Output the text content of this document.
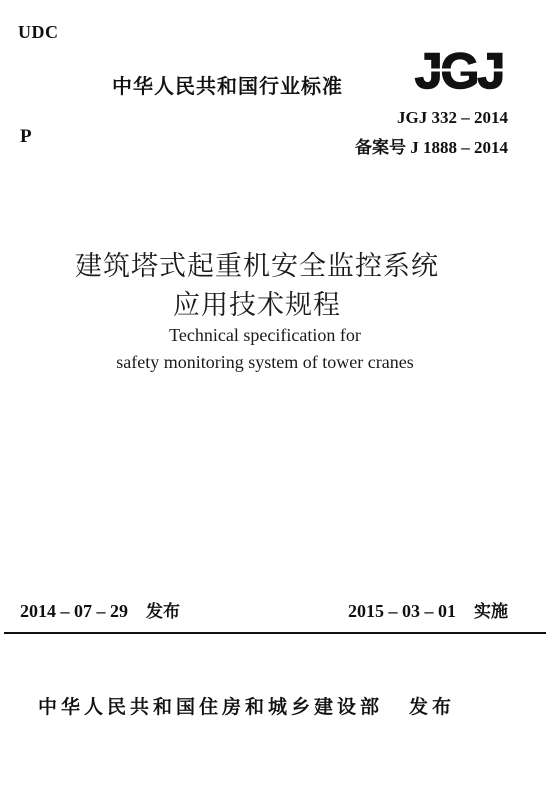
UDC
P
中华人民共和国行业标准 JGJ
JGJ 332 – 2014
备案号 J 1888 – 2014
建筑塔式起重机安全监控系统
应用技术规程
Technical specification for
safety monitoring system of tower cranes
2014 – 07 – 29 发布	2015 – 03 – 01 实施
中华人民共和国住房和城乡建设部 发布
